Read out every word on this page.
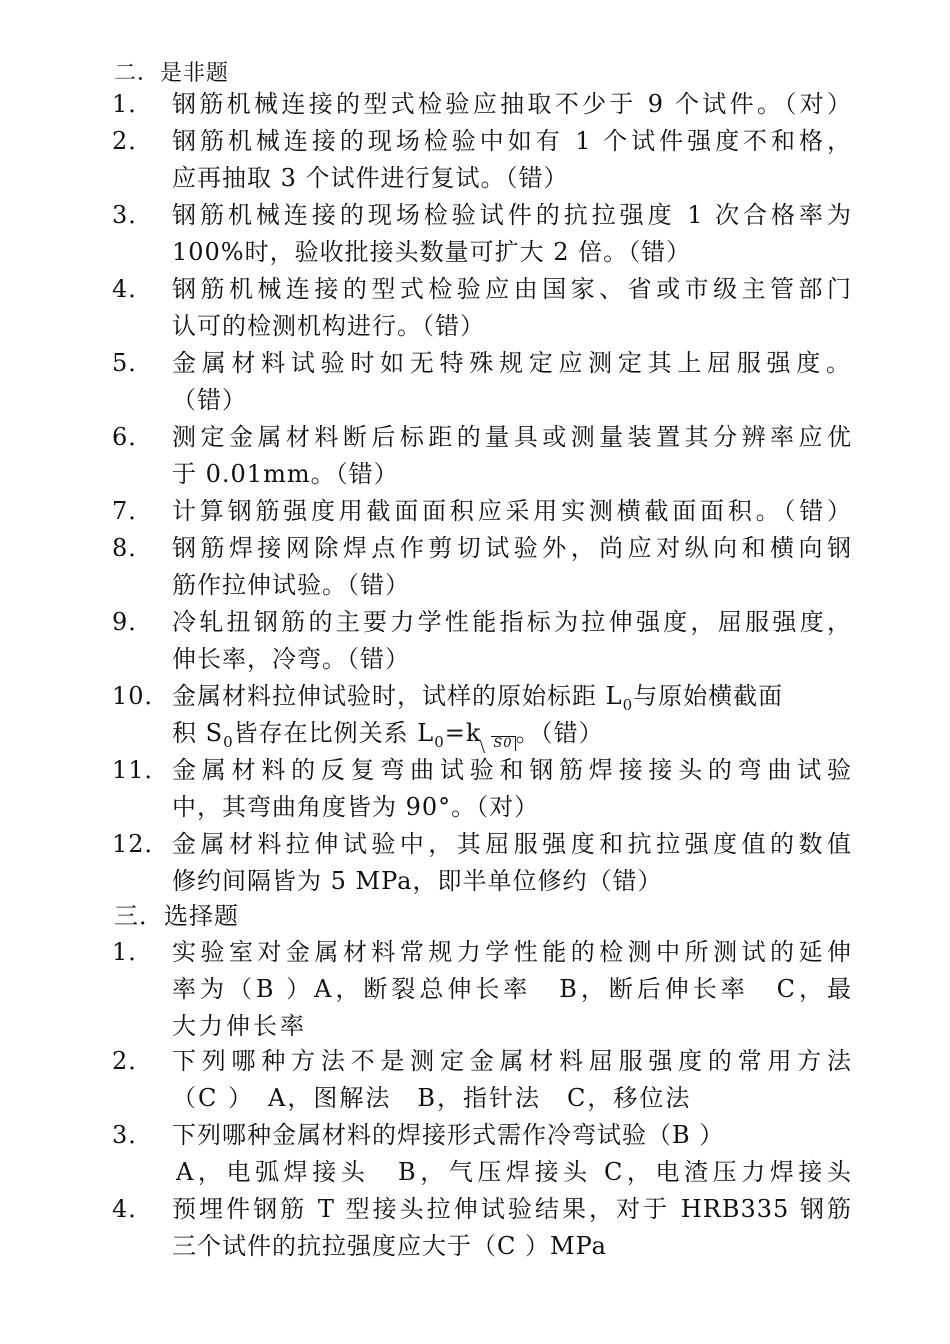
二．是非题
1． 钢筋机械连接的型式检验应抽取不少于 9 个试件。（对）
2． 钢筋机械连接的现场检验中如有 1 个试件强度不和格，
应再抽取 3 个试件进行复试。（错）
3． 钢筋机械连接的现场检验试件的抗拉强度 1 次合格率为
100%时，验收批接头数量可扩大 2 倍。（错）
4． 钢筋机械连接的型式检验应由国家、省或市级主管部门
认可的检测机构进行。（错）
5． 金属材料试验时如无特殊规定应测定其上屈服强度。
（错）
6． 测定金属材料断后标距的量具或测量装置其分辨率应优
于 0.01mm。（错）
7． 计算钢筋强度用截面面积应采用实测横截面面积。（错）
8． 钢筋焊接网除焊点作剪切试验外，尚应对纵向和横向钢
筋作拉伸试验。（错）
9． 冷轧扭钢筋的主要力学性能指标为拉伸强度，屈服强度，
伸长率，冷弯。（错）
10． 金属材料拉伸试验时，试样的原始标距 $L_0$与原始横截面
积 $S_0$皆存在比例关系 $L_0=k$ S0 。（错）
11． 金属材料的反复弯曲试验和钢筋焊接接头的弯曲试验
中，其弯曲角度皆为 90°。（对）
12． 金属材料拉伸试验中，其屈服强度和抗拉强度值的数值
修约间隔皆为 5 MPa，即半单位修约（错）
三．选择题
1． 实验室对金属材料常规力学性能的检测中所测试的延伸
率为（B ）A，断裂总伸长率　B，断后伸长率　C，最
大力伸长率
2． 下列哪种方法不是测定金属材料屈服强度的常用方法
（C ）　A，图解法　B，指针法　C，移位法
3． 下列哪种金属材料的焊接形式需作冷弯试验（B ）
A，电弧焊接头　B，气压焊接头 C，电渣压力焊接头
4． 预埋件钢筋 T 型接头拉伸试验结果，对于 HRB335 钢筋
三个试件的抗拉强度应大于（C ）MPa
